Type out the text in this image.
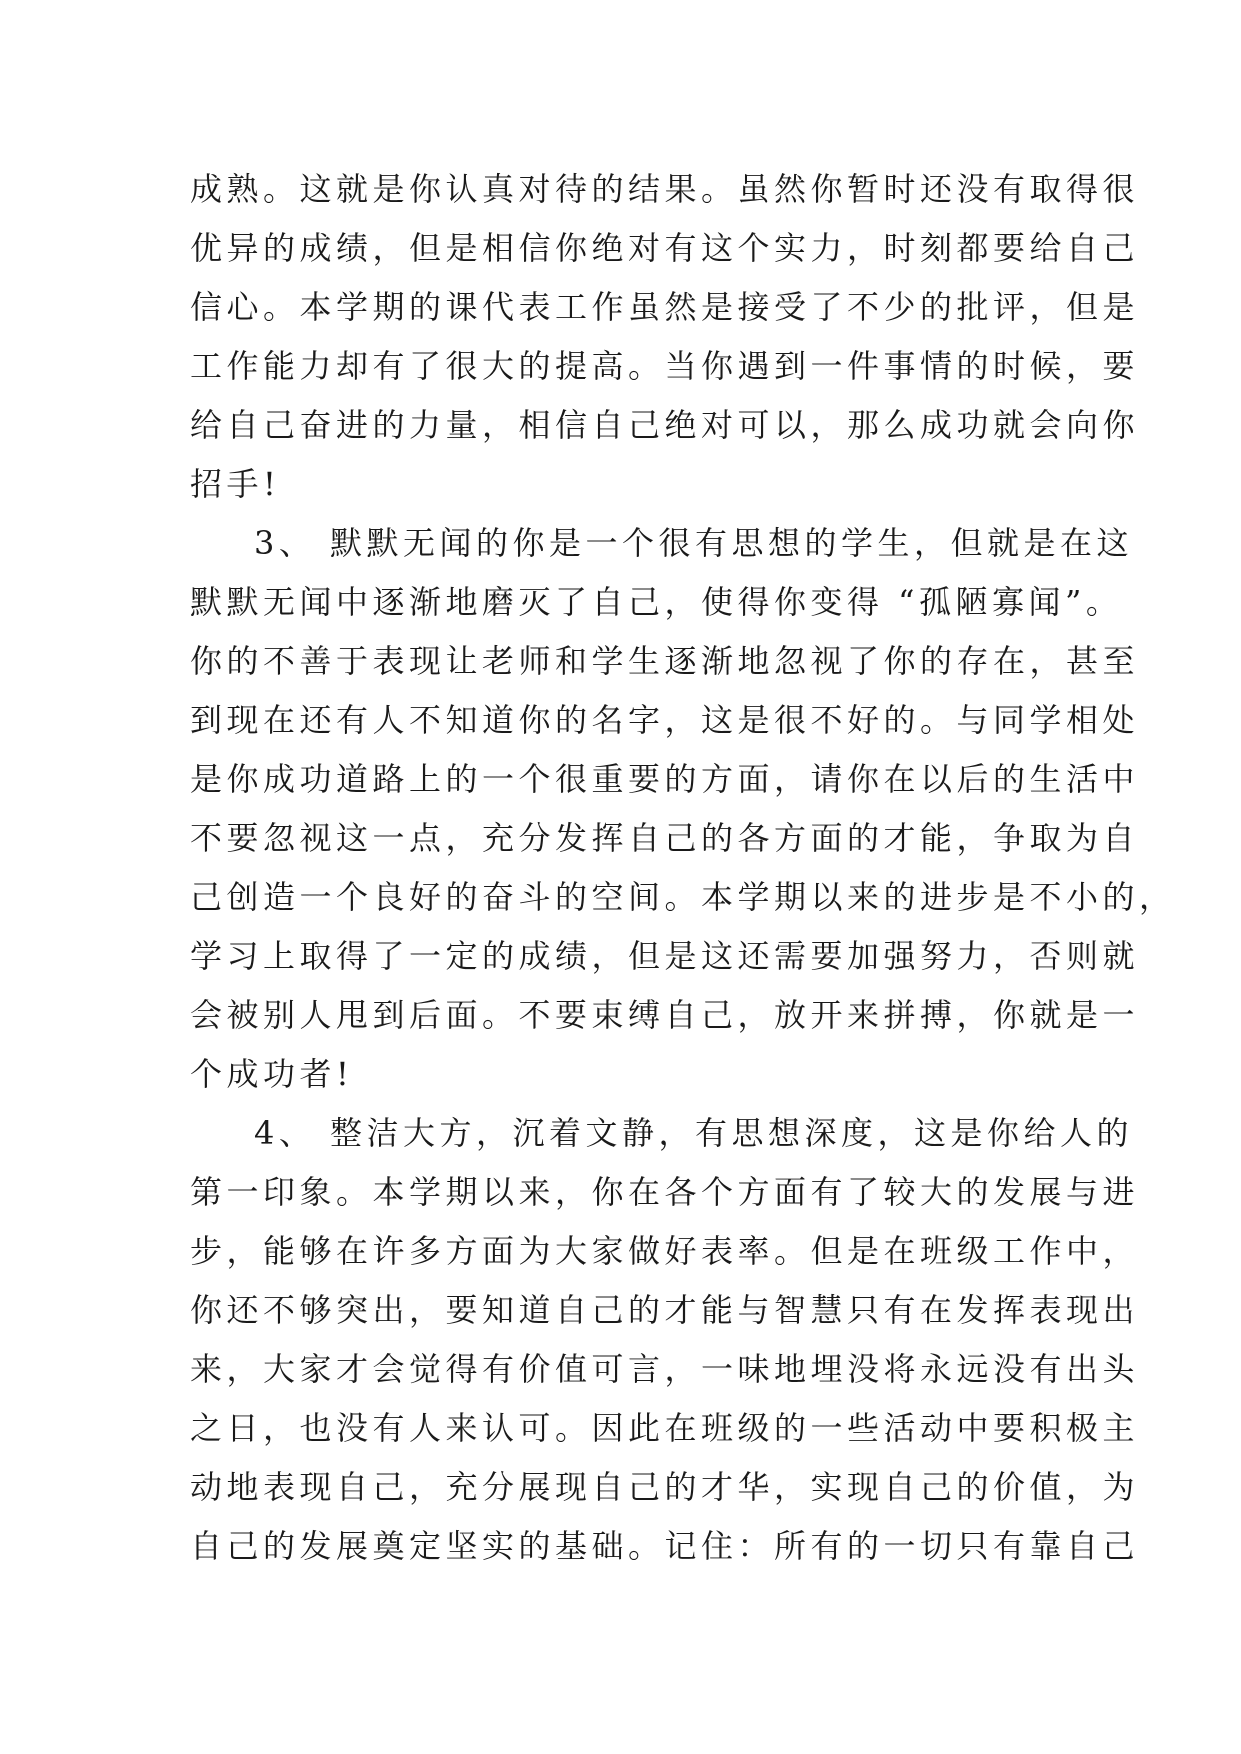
成熟。这就是你认真对待的结果。虽然你暂时还没有取得很
优异的成绩，但是相信你绝对有这个实力，时刻都要给自己
信心。本学期的课代表工作虽然是接受了不少的批评，但是
工作能力却有了很大的提高。当你遇到一件事情的时候，要
给自己奋进的力量，相信自己绝对可以，那么成功就会向你
招手!
3、 默默无闻的你是一个很有思想的学生，但就是在这
默默无闻中逐渐地磨灭了自己，使得你变得 “孤陋寡闻”。
你的不善于表现让老师和学生逐渐地忽视了你的存在，甚至
到现在还有人不知道你的名字，这是很不好的。与同学相处
是你成功道路上的一个很重要的方面，请你在以后的生活中
不要忽视这一点，充分发挥自己的各方面的才能，争取为自
己创造一个良好的奋斗的空间。本学期以来的进步是不小的，
学习上取得了一定的成绩，但是这还需要加强努力，否则就
会被别人甩到后面。不要束缚自己，放开来拼搏，你就是一
个成功者!
4、 整洁大方，沉着文静，有思想深度，这是你给人的
第一印象。本学期以来，你在各个方面有了较大的发展与进
步，能够在许多方面为大家做好表率。但是在班级工作中，
你还不够突出，要知道自己的才能与智慧只有在发挥表现出
来，大家才会觉得有价值可言，一味地埋没将永远没有出头
之日，也没有人来认可。因此在班级的一些活动中要积极主
动地表现自己，充分展现自己的才华，实现自己的价值，为
自己的发展奠定坚实的基础。记住：所有的一切只有靠自己
